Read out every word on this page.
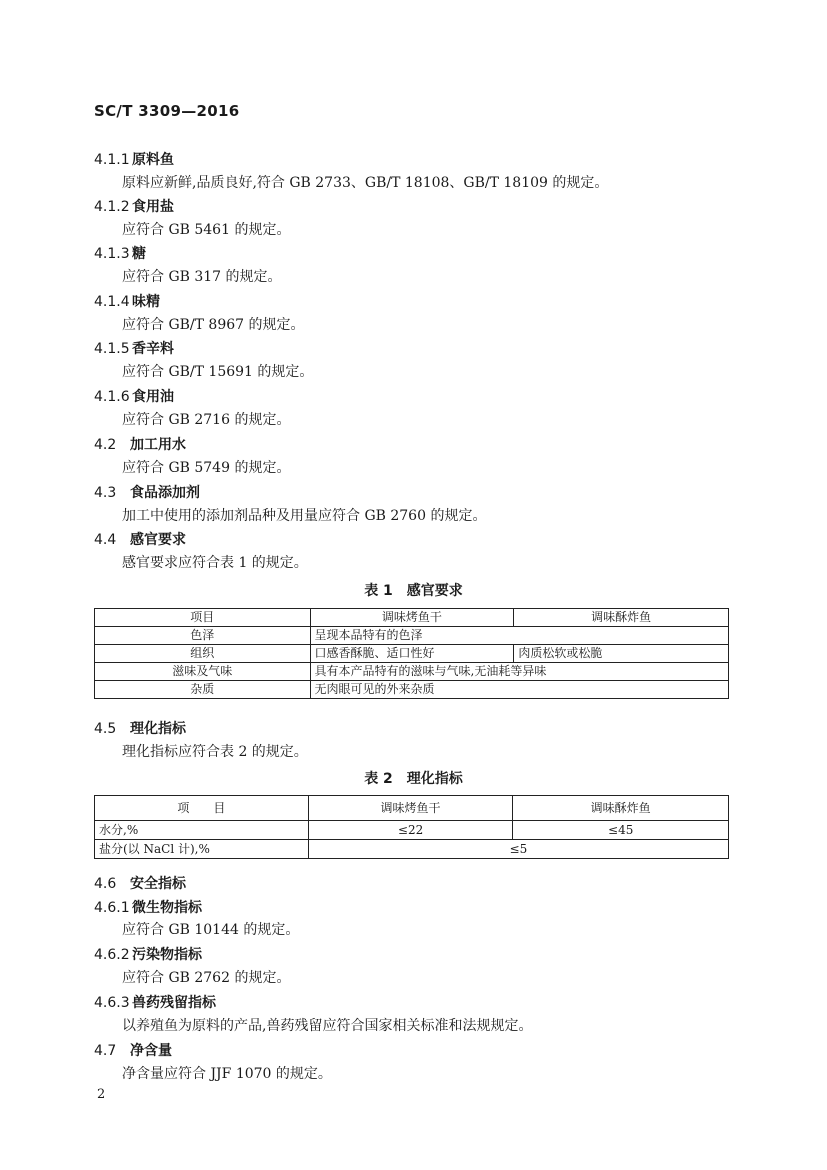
SC/T 3309—2016
4.1.1 原料鱼
原料应新鲜,品质良好,符合 GB 2733、GB/T 18108、GB/T 18109 的规定。
4.1.2 食用盐
应符合 GB 5461 的规定。
4.1.3 糖
应符合 GB 317 的规定。
4.1.4 味精
应符合 GB/T 8967 的规定。
4.1.5 香辛料
应符合 GB/T 15691 的规定。
4.1.6 食用油
应符合 GB 2716 的规定。
4.2 加工用水
应符合 GB 5749 的规定。
4.3 食品添加剂
加工中使用的添加剂品种及用量应符合 GB 2760 的规定。
4.4 感官要求
感官要求应符合表 1 的规定。
表 1　感官要求
项目	调味烤鱼干	调味酥炸鱼
色泽	呈现本品特有的色泽	
组织	口感香酥脆、适口性好	肉质松软或松脆
滋味及气味	具有本产品特有的滋味与气味,无油耗等异味	
杂质	无肉眼可见的外来杂质	
4.5 理化指标
理化指标应符合表 2 的规定。
表 2　理化指标
项　　目	调味烤鱼干	调味酥炸鱼
水分,%	≤22	≤45
盐分(以 NaCl 计),%	≤5	
4.6 安全指标
4.6.1 微生物指标
应符合 GB 10144 的规定。
4.6.2 污染物指标
应符合 GB 2762 的规定。
4.6.3 兽药残留指标
以养殖鱼为原料的产品,兽药残留应符合国家相关标准和法规规定。
4.7 净含量
净含量应符合 JJF 1070 的规定。
2
